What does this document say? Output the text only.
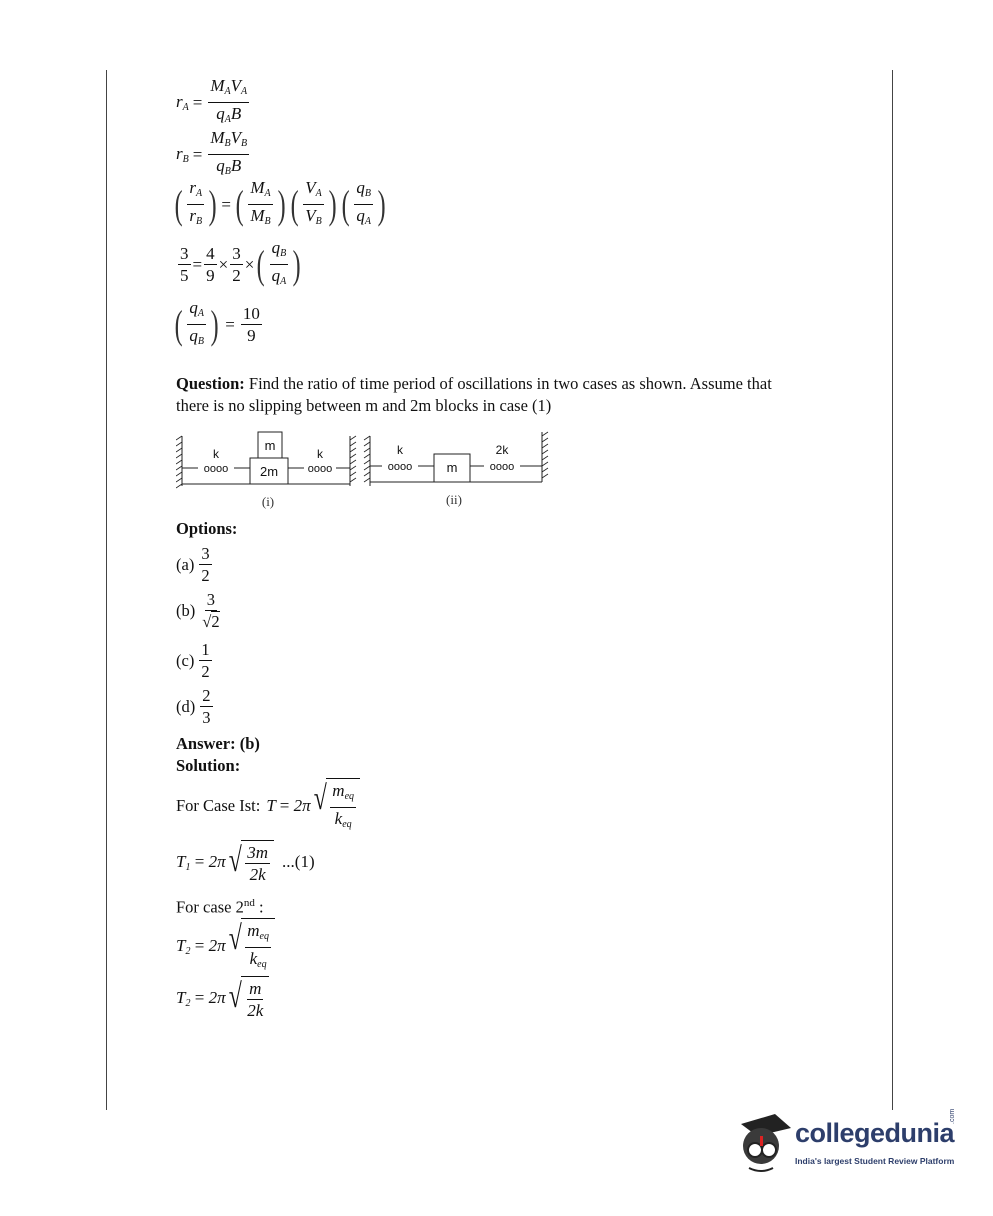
$r_A = \frac{M_AV_A}{q_AB}$
$r_B = \frac{M_BV_B}{q_BB}$
( $\frac{r_A}{r_B}$ ) = ( $\frac{M_A}{M_B}$ ) ( $\frac{V_A}{V_B}$ ) ( $\frac{q_B}{q_A}$ )
$\frac{3}{5} = \frac{4}{9} \times \frac{3}{2}$ × ( $\frac{q_B}{q_A}$ )
( $\frac{q_A}{q_B}$ ) = $\frac{10}{9}$
Question: Find the ratio of time period of oscillations in two cases as shown. Assume that
there is no slipping between m and 2m blocks in case (1)
k
oooo
k
oooo
m
2m
k
oooo
2k
oooo
m
(i)	(ii)
Options:
$(a) \frac{3}{2}$
$(b) \frac{3}{√2}$
$(c) \frac{1}{2}$
$(d) \frac{2}{3}$
Answer: (b)
Solution:
For Case Ist: T = 2π √ $\frac{m_{eq}}{k_{eq}}$
$T_1 = 2\pi$ √ $\frac{3m}{2k} ...(1)$
For case 2nd :
$T_2 = 2\pi$ √ $\frac{m_{eq}}{k_{eq}}$
$T_2 = 2\pi$ √ $\frac{m}{2k}$
collegedunia
.com
India's largest Student Review Platform
